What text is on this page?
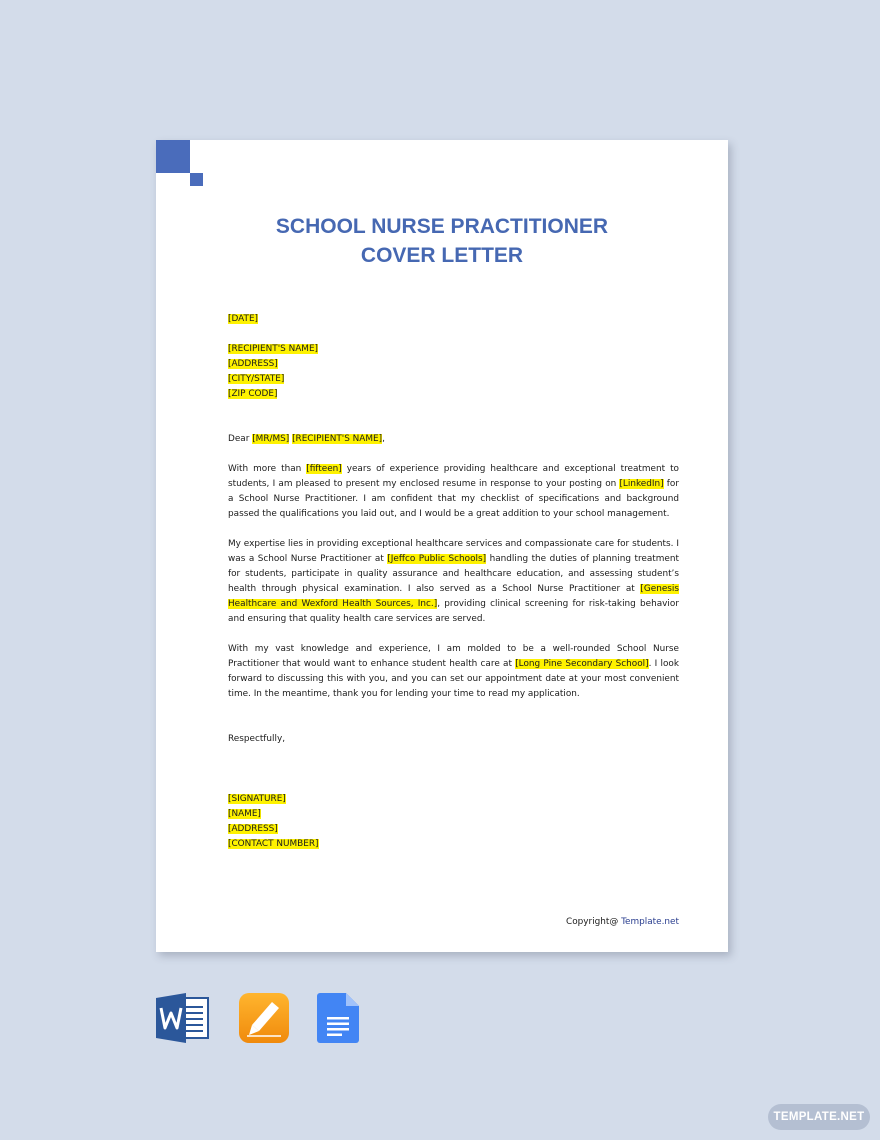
SCHOOL NURSE PRACTITIONER
COVER LETTER

[DATE]

[RECIPIENT'S NAME]
[ADDRESS]
[CITY/STATE]
[ZIP CODE]

Dear [MR/MS] [RECIPIENT'S NAME],

With more than [fifteen] years of experience providing healthcare and exceptional treatment to students, I am pleased to present my enclosed resume in response to your posting on [LinkedIn] for a School Nurse Practitioner. I am confident that my checklist of specifications and background passed the qualifications you laid out, and I would be a great addition to your school management.

My expertise lies in providing exceptional healthcare services and compassionate care for students. I was a School Nurse Practitioner at [Jeffco Public Schools] handling the duties of planning treatment for students, participate in quality assurance and healthcare education, and assessing student’s health through physical examination. I also served as a School Nurse Practitioner at [Genesis Healthcare and Wexford Health Sources, Inc.], providing clinical screening for risk-taking behavior and ensuring that quality health care services are served.

With my vast knowledge and experience, I am molded to be a well-rounded School Nurse Practitioner that would want to enhance student health care at [Long Pine Secondary School]. I look forward to discussing this with you, and you can set our appointment date at your most convenient time. In the meantime, thank you for lending your time to read my application.

Respectfully,

[SIGNATURE]
[NAME]
[ADDRESS]
[CONTACT NUMBER]
Copyright@ Template.net
TEMPLATE.NET
